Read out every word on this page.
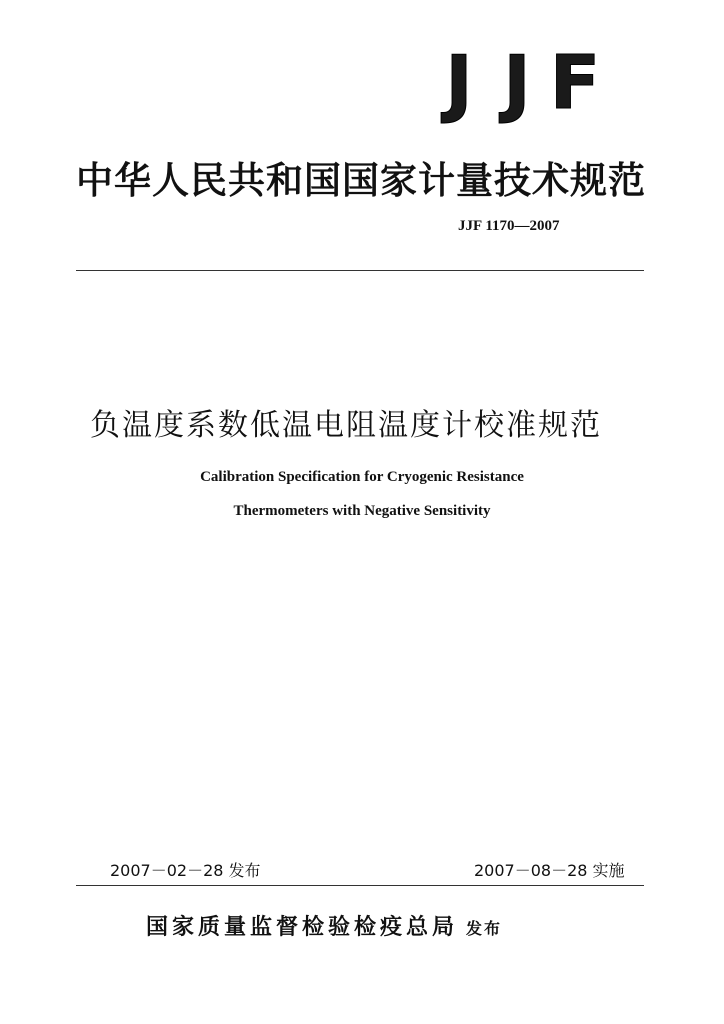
J J F
中华人民共和国国家计量技术规范
JJF 1170—2007
负温度系数低温电阻温度计校准规范
Calibration Specification for Cryogenic Resistance
Thermometers with Negative Sensitivity
2007－02－28 发布	2007－08－28 实施
国家质量监督检验检疫总局 发布
